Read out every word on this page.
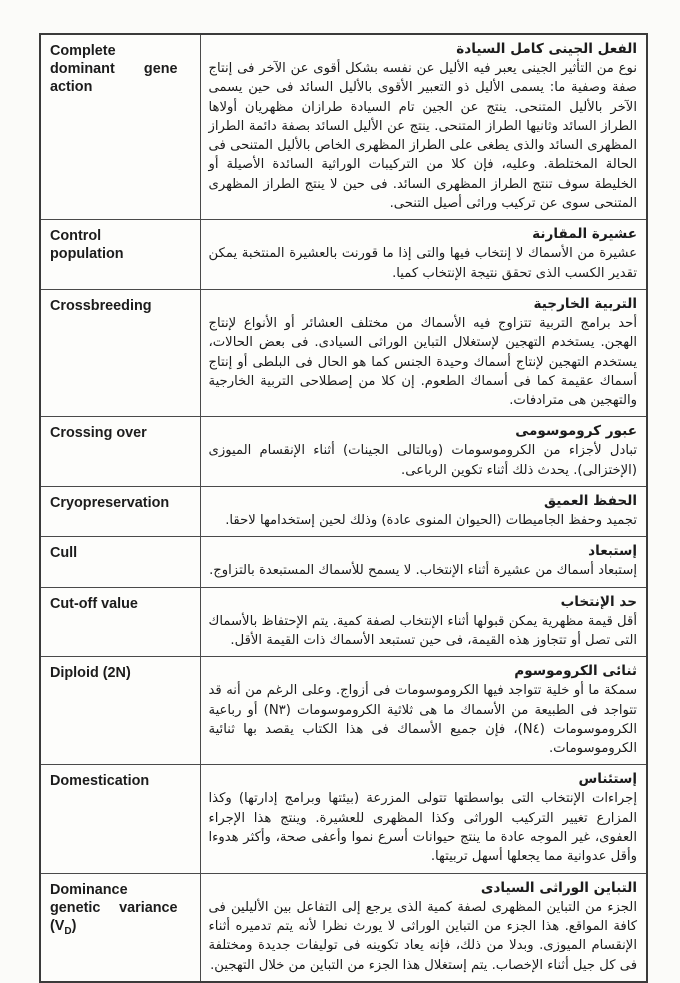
Complete dominant gene action	الفعل الجينى كامل السيادة
نوع من التأثير الجينى يعبر فيه الأليل عن نفسه بشكل أقوى عن الآخر فى إنتاج صفة وصفية ما: يسمى الأليل ذو التعبير الأقوى بالأليل السائد فى حين يسمى الآخر بالأليل المتنحى. ينتج عن الجين تام السيادة طرازان مظهريان أولاها الطراز السائد وثانيها الطراز المتنحى. ينتج عن الأليل السائد بصفة دائمة الطراز المظهرى السائد والذى يطغى على الطراز المظهرى الخاص بالأليل المتنحى فى الحالة المختلطة. وعليه، فإن كلا من التركيبات الوراثية السائدة الأصيلة أو الخليطة سوف تنتج الطراز المظهرى السائد. فى حين لا ينتج الطراز المظهرى المتنحى سوى عن تركيب وراثى أصيل التنحى.

Control population	عشيرة المقارنة
عشيرة من الأسماك لا إنتخاب فيها والتى إذا ما قورنت بالعشيرة المنتخبة يمكن تقدير الكسب الذى تحقق نتيجة الإنتخاب كميا.

Crossbreeding	التربية الخارجية
أحد برامج التربية تتزاوج فيه الأسماك من مختلف العشائر أو الأنواع لإنتاج الهجن. يستخدم التهجين لإستغلال التباين الوراثى السيادى. فى بعض الحالات، يستخدم التهجين لإنتاج أسماك وحيدة الجنس كما هو الحال فى البلطى أو إنتاج أسماك عقيمة كما فى أسماك الطعوم. إن كلا من إصطلاحى التربية الخارجية والتهجين هى مترادفات.

Crossing over	عبور كروموسومى
تبادل لأجزاء من الكروموسومات (وبالتالى الجينات) أثناء الإنقسام الميوزى (الإختزالى). يحدث ذلك أثناء تكوين الرباعى.

Cryopreservation	الحفظ العميق
تجميد وحفظ الجاميطات (الحيوان المنوى عادة) وذلك لحين إستخدامها لاحقا.

Cull	إستبعاد
إستبعاد أسماك من عشيرة أثناء الإنتخاب. لا يسمح للأسماك المستبعدة بالتزاوج.

Cut-off value	حد الإنتخاب
أقل قيمة مظهرية يمكن قبولها أثناء الإنتخاب لصفة كمية. يتم الإحتفاظ بالأسماك التى تصل أو تتجاوز هذه القيمة، فى حين تستبعد الأسماك ذات القيمة الأقل.

Diploid (2N)	ثنائى الكروموسوم
سمكة ما أو خلية تتواجد فيها الكروموسومات فى أزواج. وعلى الرغم من أنه قد تتواجد فى الطبيعة من الأسماك ما هى ثلاثية الكروموسومات (N٣) أو رباعية الكروموسومات (N٤)، فإن جميع الأسماك فى هذا الكتاب يقصد بها ثنائية الكروموسومات.

Domestication	إستئناس
إجراءات الإنتخاب التى بواسطتها تتولى المزرعة (بيئتها وبرامج إدارتها) وكذا المزارع تغيير التركيب الوراثى وكذا المظهرى للعشيرة. وينتج هذا الإجراء العفوى، غير الموجه عادة ما ينتج حيوانات أسرع نموا وأعفى صحة، وأكثر هدوءا وأقل عدوانية مما يجعلها أسهل تربيتها.

Dominance genetic variance $(V_D)$	التباين الوراثى السيادى
الجزء من التباين المظهرى لصفة كمية الذى يرجع إلى التفاعل بين الأليلين فى كافة المواقع. هذا الجزء من التباين الوراثى لا يورث نظرا لأنه يتم تدميره أثناء الإنقسام الميوزى. وبدلا من ذلك، فإنه يعاد تكوينه فى توليفات جديدة ومختلفة فى كل جيل أثناء الإخصاب. يتم إستغلال هذا الجزء من التباين من خلال التهجين.
